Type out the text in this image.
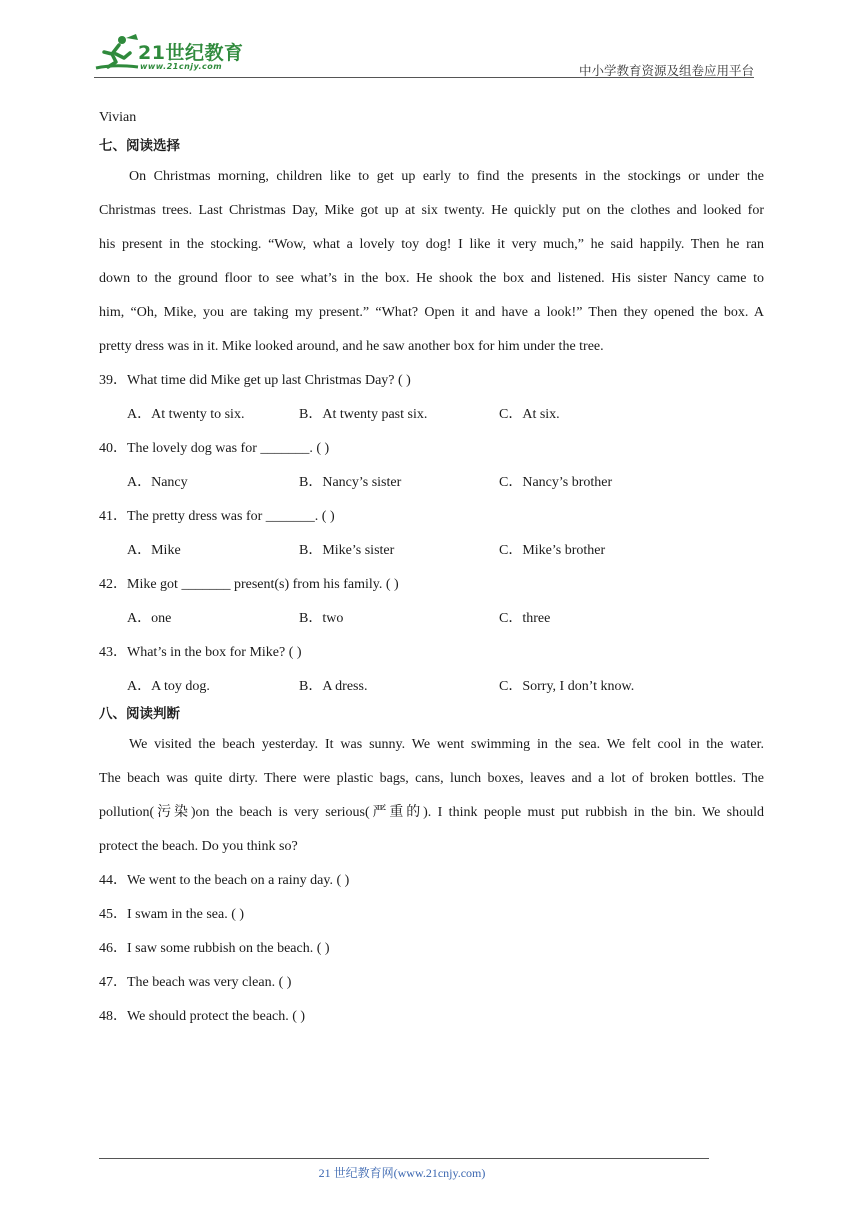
21世纪教育
www.21cnjy.com	中小学教育资源及组卷应用平台
Vivian
七、阅读选择
On Christmas morning, children like to get up early to find the presents in the stockings or under the
Christmas trees. Last Christmas Day, Mike got up at six twenty. He quickly put on the clothes and looked for
his present in the stocking. “Wow, what a lovely toy dog! I like it very much,” he said happily. Then he ran
down to the ground floor to see what’s in the box. He shook the box and listened. His sister Nancy came to
him, “Oh, Mike, you are taking my present.” “What? Open it and have a look!” Then they opened the box. A
pretty dress was in it. Mike looked around, and he saw another box for him under the tree.
39．What time did Mike get up last Christmas Day? ( )
A．At twenty to six.	B．At twenty past six.	C．At six.
40．The lovely dog was for _______. ( )
A．Nancy	B．Nancy’s sister	C．Nancy’s brother
41．The pretty dress was for _______. ( )
A．Mike	B．Mike’s sister	C．Mike’s brother
42．Mike got _______ present(s) from his family. ( )
A．one	B．two	C．three
43．What’s in the box for Mike? ( )
A．A toy dog.	B．A dress.	C．Sorry, I don’t know.
八、阅读判断
We visited the beach yesterday. It was sunny. We went swimming in the sea. We felt cool in the water.
The beach was quite dirty. There were plastic bags, cans, lunch boxes, leaves and a lot of broken bottles. The
pollution(污染)on the beach is very serious(严重的). I think people must put rubbish in the bin. We should
protect the beach. Do you think so?
44．We went to the beach on a rainy day. ( )
45．I swam in the sea. ( )
46．I saw some rubbish on the beach. ( )
47．The beach was very clean. ( )
48．We should protect the beach. ( )
21 世纪教育网(www.21cnjy.com)
